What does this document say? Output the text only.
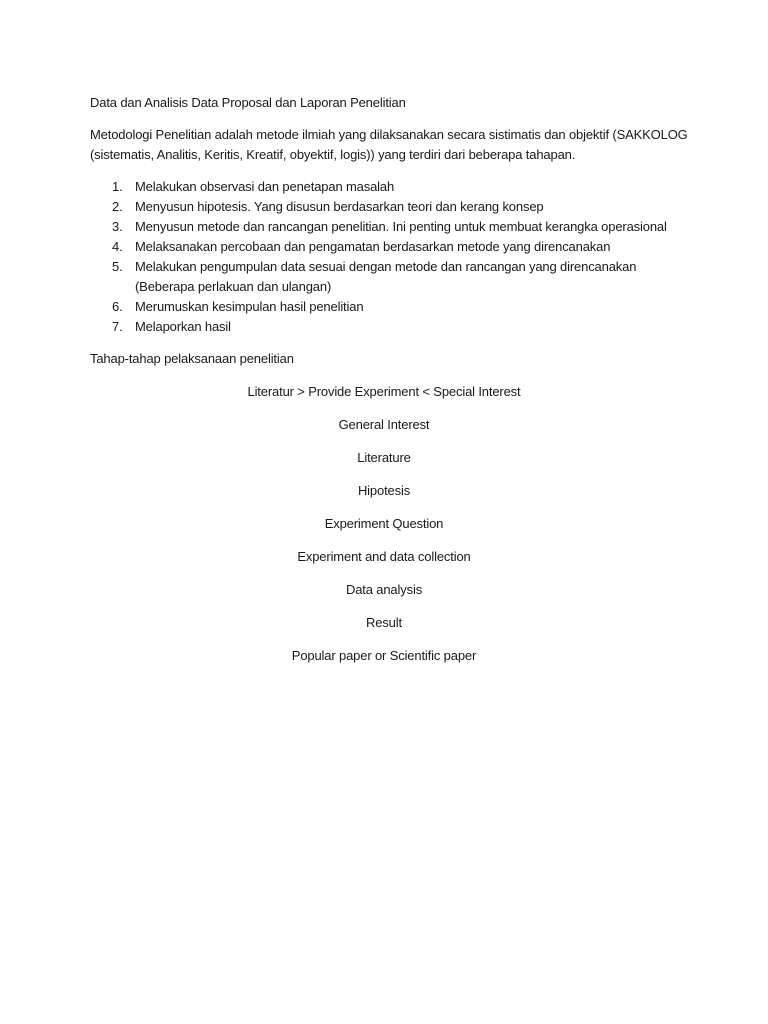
Data dan Analisis Data Proposal dan Laporan Penelitian

Metodologi Penelitian adalah metode ilmiah yang dilaksanakan secara sistimatis dan objektif (SAKKOLOG
(sistematis, Analitis, Keritis, Kreatif, obyektif, logis)) yang terdiri dari beberapa tahapan.

1. Melakukan observasi dan penetapan masalah
2. Menyusun hipotesis. Yang disusun berdasarkan teori dan kerang konsep
3. Menyusun metode dan rancangan penelitian. Ini penting untuk membuat kerangka operasional
4. Melaksanakan percobaan dan pengamatan berdasarkan metode yang direncanakan
5. Melakukan pengumpulan data sesuai dengan metode dan rancangan yang direncanakan
(Beberapa perlakuan dan ulangan)
6. Merumuskan kesimpulan hasil penelitian
7. Melaporkan hasil

Tahap-tahap pelaksanaan penelitian

Literatur > Provide Experiment < Special Interest

General Interest

Literature

Hipotesis

Experiment Question

Experiment and data collection

Data analysis

Result

Popular paper or Scientific paper
